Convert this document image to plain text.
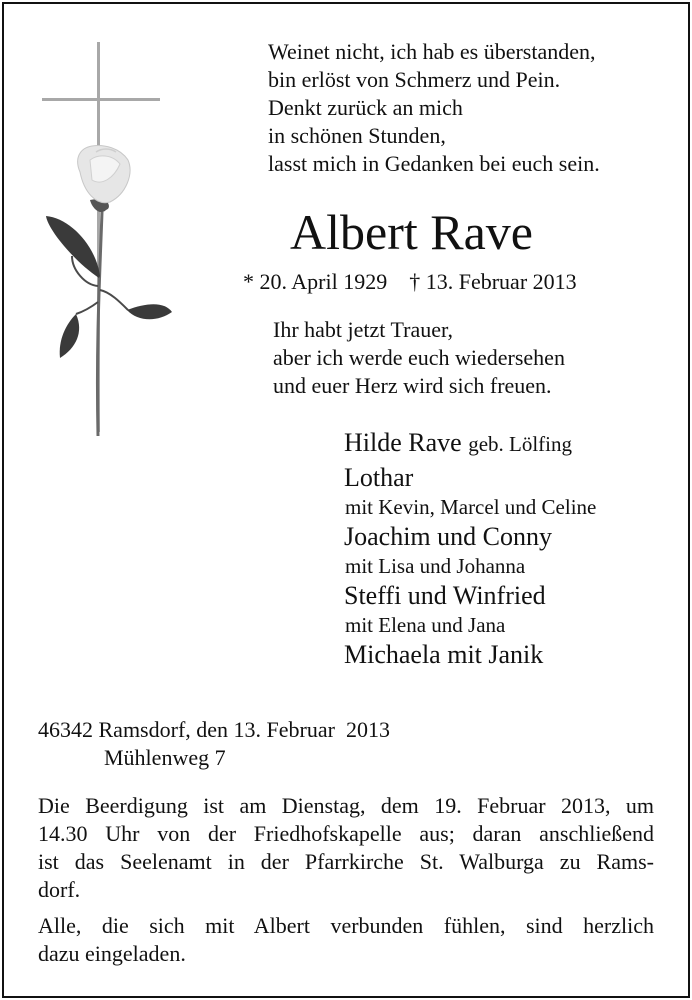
Weinet nicht, ich hab es überstanden,
bin erlöst von Schmerz und Pein.
Denkt zurück an mich
in schönen Stunden,
lasst mich in Gedanken bei euch sein.
Albert Rave
* 20. April 1929 † 13. Februar 2013
Ihr habt jetzt Trauer,
aber ich werde euch wiedersehen
und euer Herz wird sich freuen.
Hilde Rave geb. Lölfing
Lothar
mit Kevin, Marcel und Celine
Joachim und Conny
mit Lisa und Johanna
Steffi und Winfried
mit Elena und Jana
Michaela mit Janik
46342 Ramsdorf, den 13. Februar  2013
Mühlenweg 7
Die Beerdigung ist am Dienstag, dem 19. Februar 2013, um
14.30 Uhr von der Friedhofskapelle aus; daran anschließend
ist das Seelenamt in der Pfarrkirche St. Walburga zu Rams-
dorf.
Alle, die sich mit Albert verbunden fühlen, sind herzlich
dazu eingeladen.
